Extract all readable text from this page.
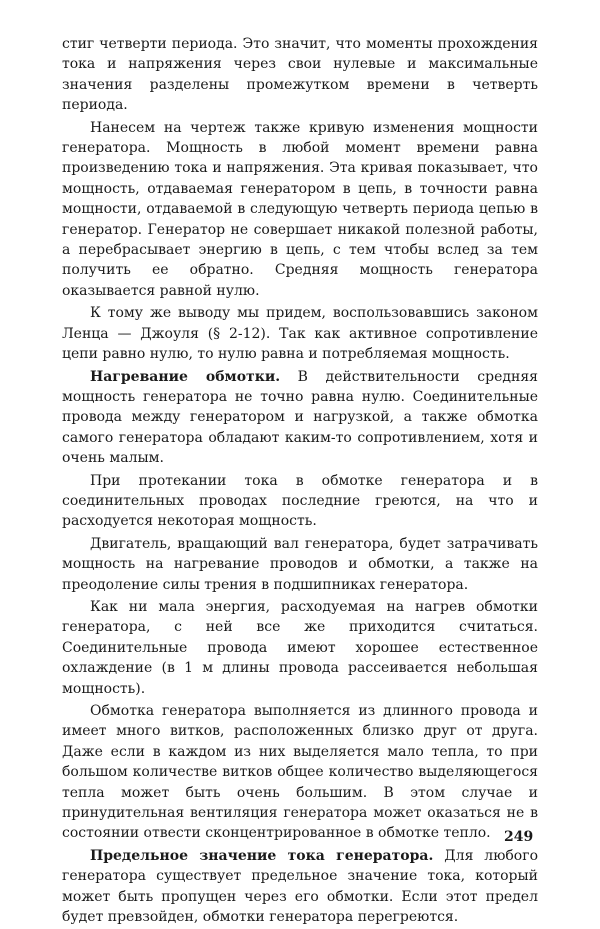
стиг четверти периода. Это значит, что моменты прохождения тока и напряжения через свои нулевые и максимальные значения разделены промежутком времени в четверть периода.

Нанесем на чертеж также кривую изменения мощности генератора. Мощность в любой момент времени равна произведению тока и напряжения. Эта кривая показывает, что мощность, отдаваемая генератором в цепь, в точности равна мощности, отдаваемой в следующую четверть периода цепью в генератор. Генератор не совершает никакой полезной работы, а перебрасывает энергию в цепь, с тем чтобы вслед за тем получить ее обратно. Средняя мощность генератора оказывается равной нулю.

К тому же выводу мы придем, воспользовавшись законом Ленца — Джоуля (§ 2-12). Так как активное сопротивление цепи равно нулю, то нулю равна и потребляемая мощность.

Нагревание обмотки. В действительности средняя мощность генератора не точно равна нулю. Соединительные провода между генератором и нагрузкой, а также обмотка самого генератора обладают каким-то сопротивлением, хотя и очень малым.

При протекании тока в обмотке генератора и в соединительных проводах последние греются, на что и расходуется некоторая мощность.

Двигатель, вращающий вал генератора, будет затрачивать мощность на нагревание проводов и обмотки, а также на преодоление силы трения в подшипниках генератора.

Как ни мала энергия, расходуемая на нагрев обмотки генератора, с ней все же приходится считаться. Соединительные провода имеют хорошее естественное охлаждение (в 1 м длины провода рассеивается небольшая мощность).

Обмотка генератора выполняется из длинного провода и имеет много витков, расположенных близко друг от друга. Даже если в каждом из них выделяется мало тепла, то при большом количестве витков общее количество выделяющегося тепла может быть очень большим. В этом случае и принудительная вентиляция генератора может оказаться не в состоянии отвести сконцентрированное в обмотке тепло.

Предельное значение тока генератора. Для любого генератора существует предельное значение тока, который может быть пропущен через его обмотки. Если этот предел будет превзойден, обмотки генератора перегреются.

249
